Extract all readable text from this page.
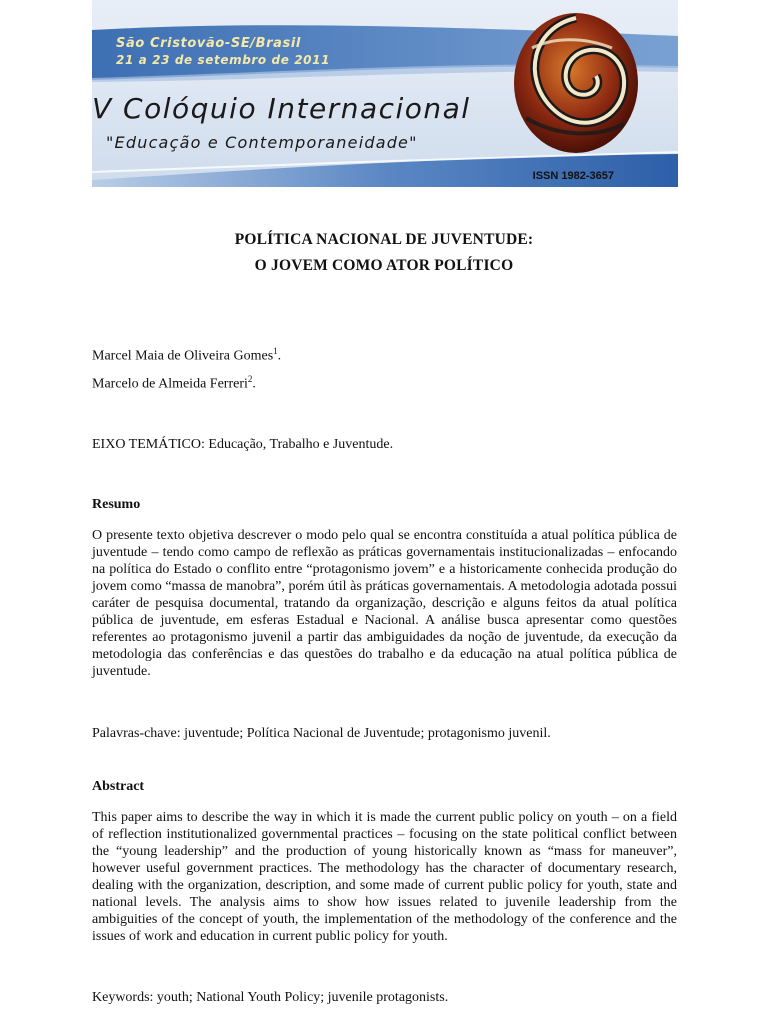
São Cristovão-SE/Brasil
21 a 23 de setembro de 2011
V Colóquio Internacional
"Educação e Contemporaneidade"
ISSN 1982-3657
POLÍTICA NACIONAL DE JUVENTUDE:
O JOVEM COMO ATOR POLÍTICO
Marcel Maia de Oliveira Gomes$^1$.
Marcelo de Almeida Ferreri$^2$.
EIXO TEMÁTICO: Educação, Trabalho e Juventude.
Resumo
O presente texto objetiva descrever o modo pelo qual se encontra constituída a atual política pública de juventude – tendo como campo de reflexão as práticas governamentais institucionalizadas – enfocando na política do Estado o conflito entre “protagonismo jovem” e a historicamente conhecida produção do jovem como “massa de manobra”, porém útil às práticas governamentais. A metodologia adotada possui caráter de pesquisa documental, tratando da organização, descrição e alguns feitos da atual política pública de juventude, em esferas Estadual e Nacional. A análise busca apresentar como questões referentes ao protagonismo juvenil a partir das ambiguidades da noção de juventude, da execução da metodologia das conferências e das questões do trabalho e da educação na atual política pública de juventude.
Palavras-chave: juventude; Política Nacional de Juventude; protagonismo juvenil.
Abstract
This paper aims to describe the way in which it is made the current public policy on youth – on a field of reflection institutionalized governmental practices – focusing on the state political conflict between the “young leadership” and the production of young historically known as “mass for maneuver”, however useful government practices. The methodology has the character of documentary research, dealing with the organization, description, and some made of current public policy for youth, state and national levels. The analysis aims to show how issues related to juvenile leadership from the ambiguities of the concept of youth, the implementation of the methodology of the conference and the issues of work and education in current public policy for youth.
Keywords: youth; National Youth Policy; juvenile protagonists.
